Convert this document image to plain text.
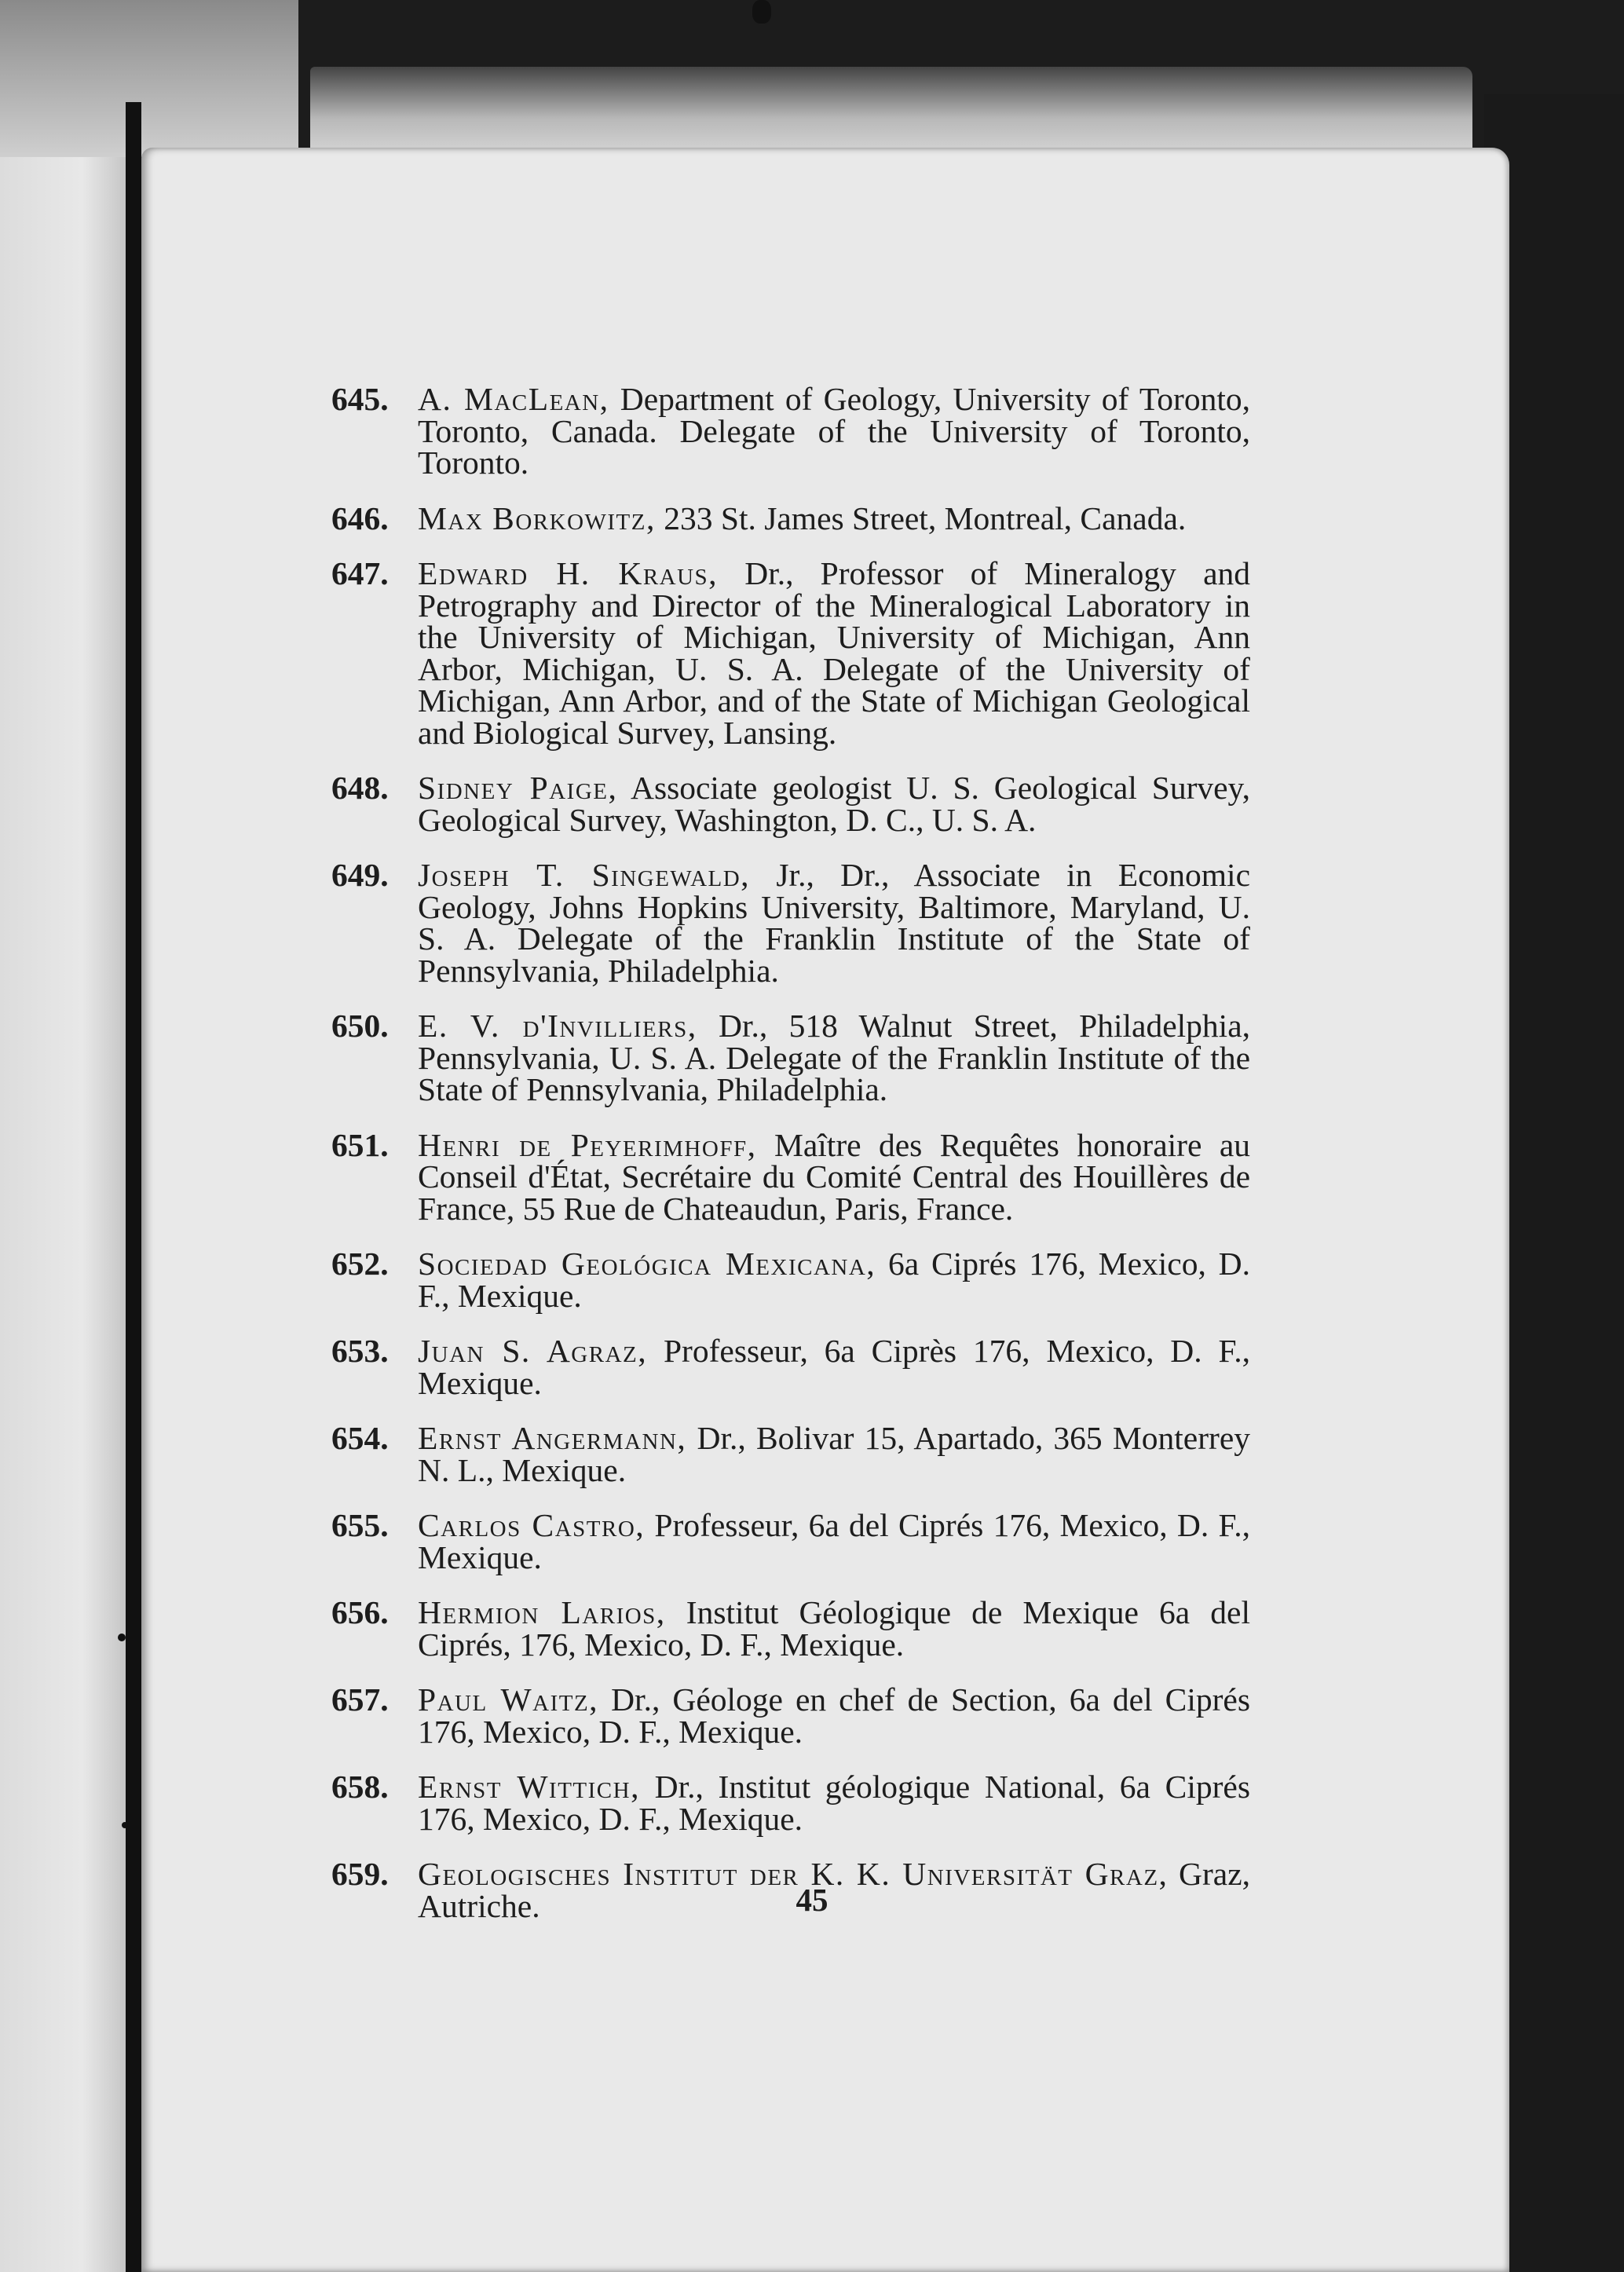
645. A. MacLean, Department of Geology, University of Toronto, Toronto, Canada. Delegate of the University of Toronto, Toronto.
646. Max Borkowitz, 233 St. James Street, Montreal, Canada.
647. Edward H. Kraus, Dr., Professor of Mineralogy and Petrography and Director of the Mineralogical Laboratory in the University of Michigan, University of Michigan, Ann Arbor, Michigan, U. S. A. Delegate of the University of Michigan, Ann Arbor, and of the State of Michigan Geological and Biological Survey, Lansing.
648. Sidney Paige, Associate geologist U. S. Geological Survey, Geological Survey, Washington, D. C., U. S. A.
649. Joseph T. Singewald, Jr., Dr., Associate in Economic Geology, Johns Hopkins University, Baltimore, Maryland, U. S. A. Delegate of the Franklin Institute of the State of Pennsylvania, Philadelphia.
650. E. V. d'Invilliers, Dr., 518 Walnut Street, Philadelphia, Pennsylvania, U. S. A. Delegate of the Franklin Institute of the State of Pennsylvania, Philadelphia.
651. Henri de Peyerimhoff, Maître des Requêtes honoraire au Conseil d'État, Secrétaire du Comité Central des Houillères de France, 55 Rue de Chateaudun, Paris, France.
652. Sociedad Geológica Mexicana, 6a Ciprés 176, Mexico, D. F., Mexique.
653. Juan S. Agraz, Professeur, 6a Ciprès 176, Mexico, D. F., Mexique.
654. Ernst Angermann, Dr., Bolivar 15, Apartado, 365 Monterrey N. L., Mexique.
655. Carlos Castro, Professeur, 6a del Ciprés 176, Mexico, D. F., Mexique.
656. Hermion Larios, Institut Géologique de Mexique 6a del Ciprés, 176, Mexico, D. F., Mexique.
657. Paul Waitz, Dr., Géologe en chef de Section, 6a del Ciprés 176, Mexico, D. F., Mexique.
658. Ernst Wittich, Dr., Institut géologique National, 6a Ciprés 176, Mexico, D. F., Mexique.
659. Geologisches Institut der K. K. Universität Graz, Graz, Autriche.	45
